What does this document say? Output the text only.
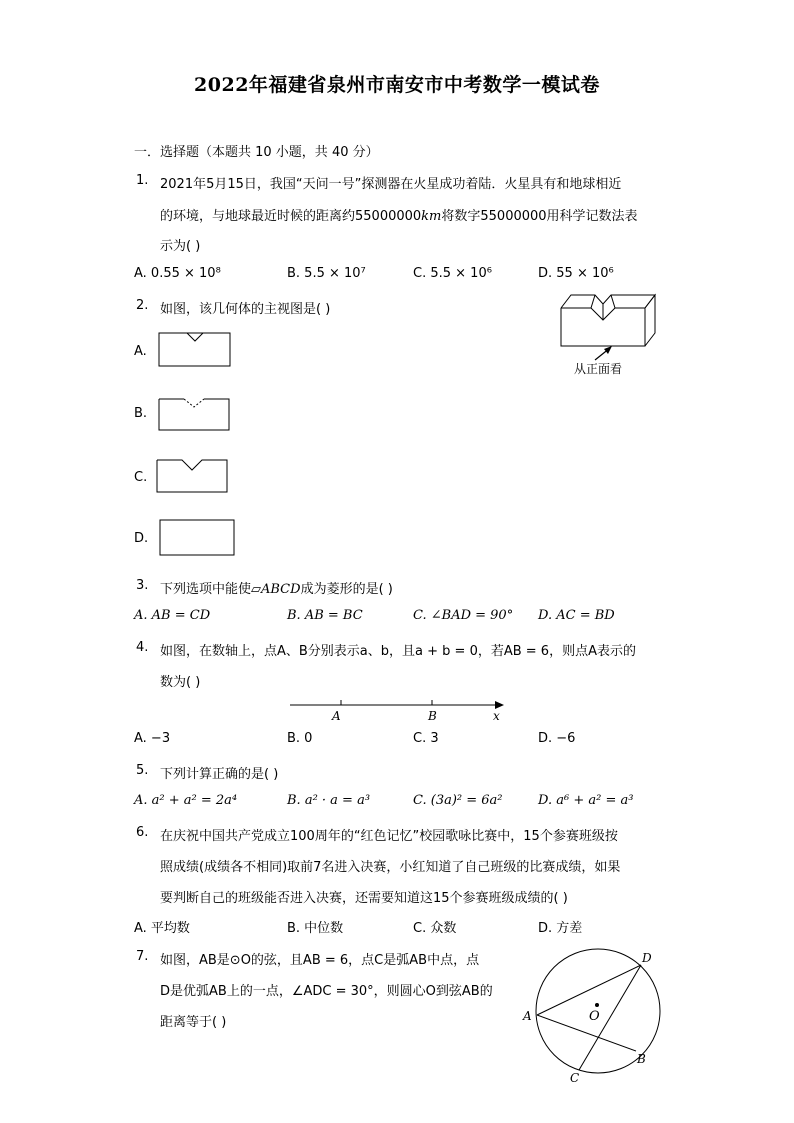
2022年福建省泉州市南安市中考数学一模试卷
一．选择题（本题共 10 小题，共 40 分）
1. 2021年5月15日，我国“天问一号”探测器在火星成功着陆．火星具有和地球相近
的环境，与地球最近时候的距离约55000000km将数字55000000用科学记数法表
示为( )
A. 0.55 × 10⁸	B. 5.5 × 10⁷	C. 5.5 × 10⁶	D. 55 × 10⁶
2. 如图，该几何体的主视图是( )
从正面看
A.
B.
C.
D.
3. 下列选项中能使▱ABCD成为菱形的是( )
A. AB = CD	B. AB = BC	C. ∠BAD = 90° D. AC = BD
4. 如图，在数轴上，点A、B分别表示a、b，且a + b = 0，若AB = 6，则点A表示的
数为( )
A	B	x
A. −3	B. 0	C. 3	D. −6
5. 下列计算正确的是( )
A. a² + a² = 2a⁴	B. a² · a = a³	C. (3a)² = 6a²	D. a⁶ + a² = a³
6. 在庆祝中国共产党成立100周年的“红色记忆”校园歌咏比赛中，15个参赛班级按
照成绩(成绩各不相同)取前7名进入决赛，小红知道了自己班级的比赛成绩，如果
要判断自己的班级能否进入决赛，还需要知道这15个参赛班级成绩的( )
A. 平均数	B. 中位数	C. 众数	D. 方差
7. 如图，AB是⊙O的弦，且AB = 6，点C是弧AB中点，点
D是优弧AB上的一点，∠ADC = 30°，则圆心O到弦AB的
距离等于( )	A
B
C
D
O
